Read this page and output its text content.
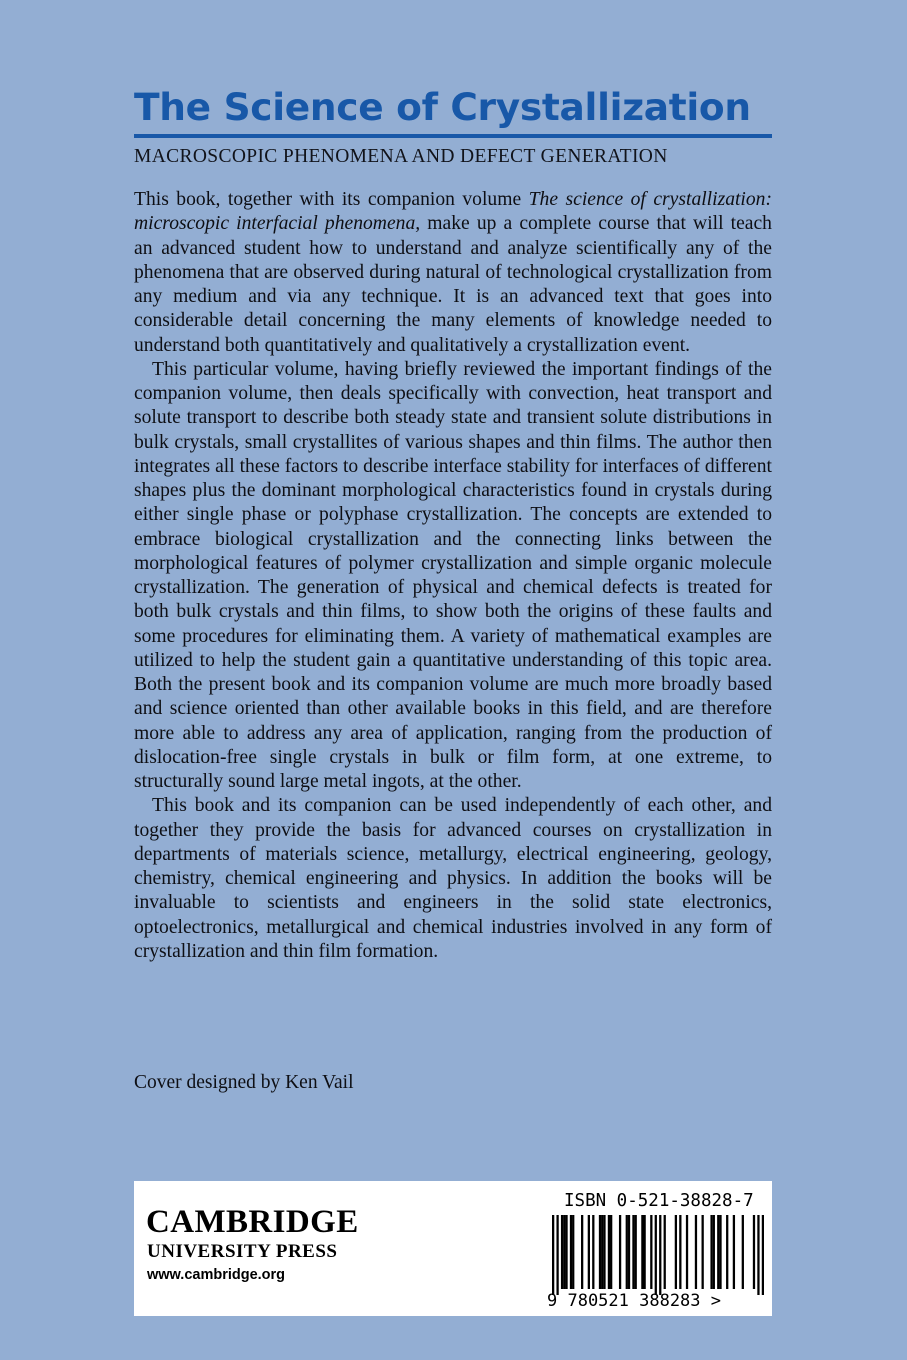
The Science of Crystallization
MACROSCOPIC PHENOMENA AND DEFECT GENERATION

This book, together with its companion volume The science of crystallization: microscopic interfacial phenomena, make up a complete course that will teach an advanced student how to understand and analyze scientifically any of the phenomena that are observed during natural of technological crystallization from any medium and via any technique. It is an advanced text that goes into considerable detail concerning the many elements of knowledge needed to understand both quantitatively and qualitatively a crystallization event.

This particular volume, having briefly reviewed the important findings of the companion volume, then deals specifically with convection, heat transport and solute transport to describe both steady state and transient solute distributions in bulk crystals, small crystallites of various shapes and thin films. The author then integrates all these factors to describe interface stability for interfaces of different shapes plus the dominant morphological characteristics found in crystals during either single phase or polyphase crystallization. The concepts are extended to embrace biological crystallization and the connecting links between the morphological features of polymer crystallization and simple organic molecule crystallization. The generation of physical and chemical defects is treated for both bulk crystals and thin films, to show both the origins of these faults and some procedures for eliminating them. A variety of mathematical examples are utilized to help the student gain a quantitative understanding of this topic area. Both the present book and its companion volume are much more broadly based and science oriented than other available books in this field, and are therefore more able to address any area of application, ranging from the production of dislocation-free single crystals in bulk or film form, at one extreme, to structurally sound large metal ingots, at the other.

This book and its companion can be used independently of each other, and together they provide the basis for advanced courses on crystallization in departments of materials science, metallurgy, electrical engineering, geology, chemistry, chemical engineering and physics. In addition the books will be invaluable to scientists and engineers in the solid state electronics, optoelectronics, metallurgical and chemical industries involved in any form of crystallization and thin film formation.

Cover designed by Ken Vail
CAMBRIDGE
UNIVERSITY PRESS
www.cambridge.org
ISBN 0-521-38828-7
9 780521 388283 >
